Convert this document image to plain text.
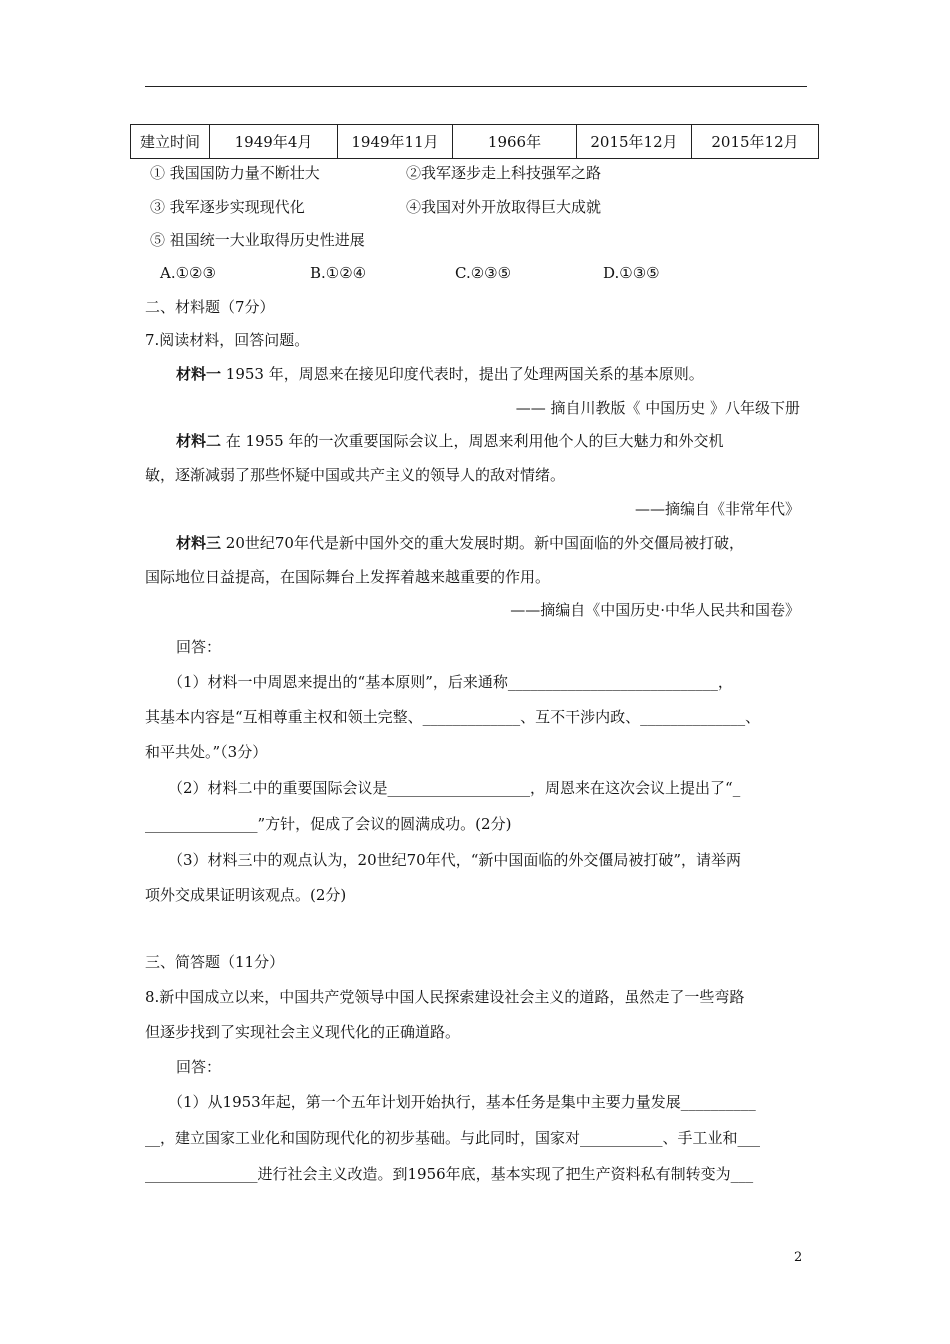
建立时间	1949年4月	1949年11月	1966年	2015年12月	2015年12月
① 我国国防力量不断壮大	②我军逐步走上科技强军之路
③ 我军逐步实现现代化	④我国对外开放取得巨大成就
⑤ 祖国统一大业取得历史性进展
A.①②③	B.①②④	C.②③⑤	D.①③⑤
二、材料题（7分）
7.阅读材料，回答问题。
材料一 1953 年，周恩来在接见印度代表时，提出了处理两国关系的基本原则。
—— 摘自川教版《 中国历史 》八年级下册
材料二 在 1955 年的一次重要国际会议上，周恩来利用他个人的巨大魅力和外交机
敏，逐渐减弱了那些怀疑中国或共产主义的领导人的敌对情绪。
——摘编自《非常年代》
材料三 20世纪70年代是新中国外交的重大发展时期。新中国面临的外交僵局被打破，
国际地位日益提高，在国际舞台上发挥着越来越重要的作用。
——摘编自《中国历史·中华人民共和国卷》
回答：
（1）材料一中周恩来提出的“基本原则”，后来通称____________________________，
其基本内容是“互相尊重主权和领土完整、_____________、互不干涉内政、______________、
和平共处。”（3分）
（2）材料二中的重要国际会议是___________________，周恩来在这次会议上提出了“_
_______________”方针，促成了会议的圆满成功。(2分)
（3）材料三中的观点认为，20世纪70年代，“新中国面临的外交僵局被打破”，请举两
项外交成果证明该观点。(2分)
三、简答题（11分）
8.新中国成立以来，中国共产党领导中国人民探索建设社会主义的道路，虽然走了一些弯路
但逐步找到了实现社会主义现代化的正确道路。
回答：
（1）从1953年起，第一个五年计划开始执行，基本任务是集中主要力量发展__________
__，建立国家工业化和国防现代化的初步基础。与此同时，国家对___________、手工业和___
_______________进行社会主义改造。到1956年底，基本实现了把生产资料私有制转变为___
2
